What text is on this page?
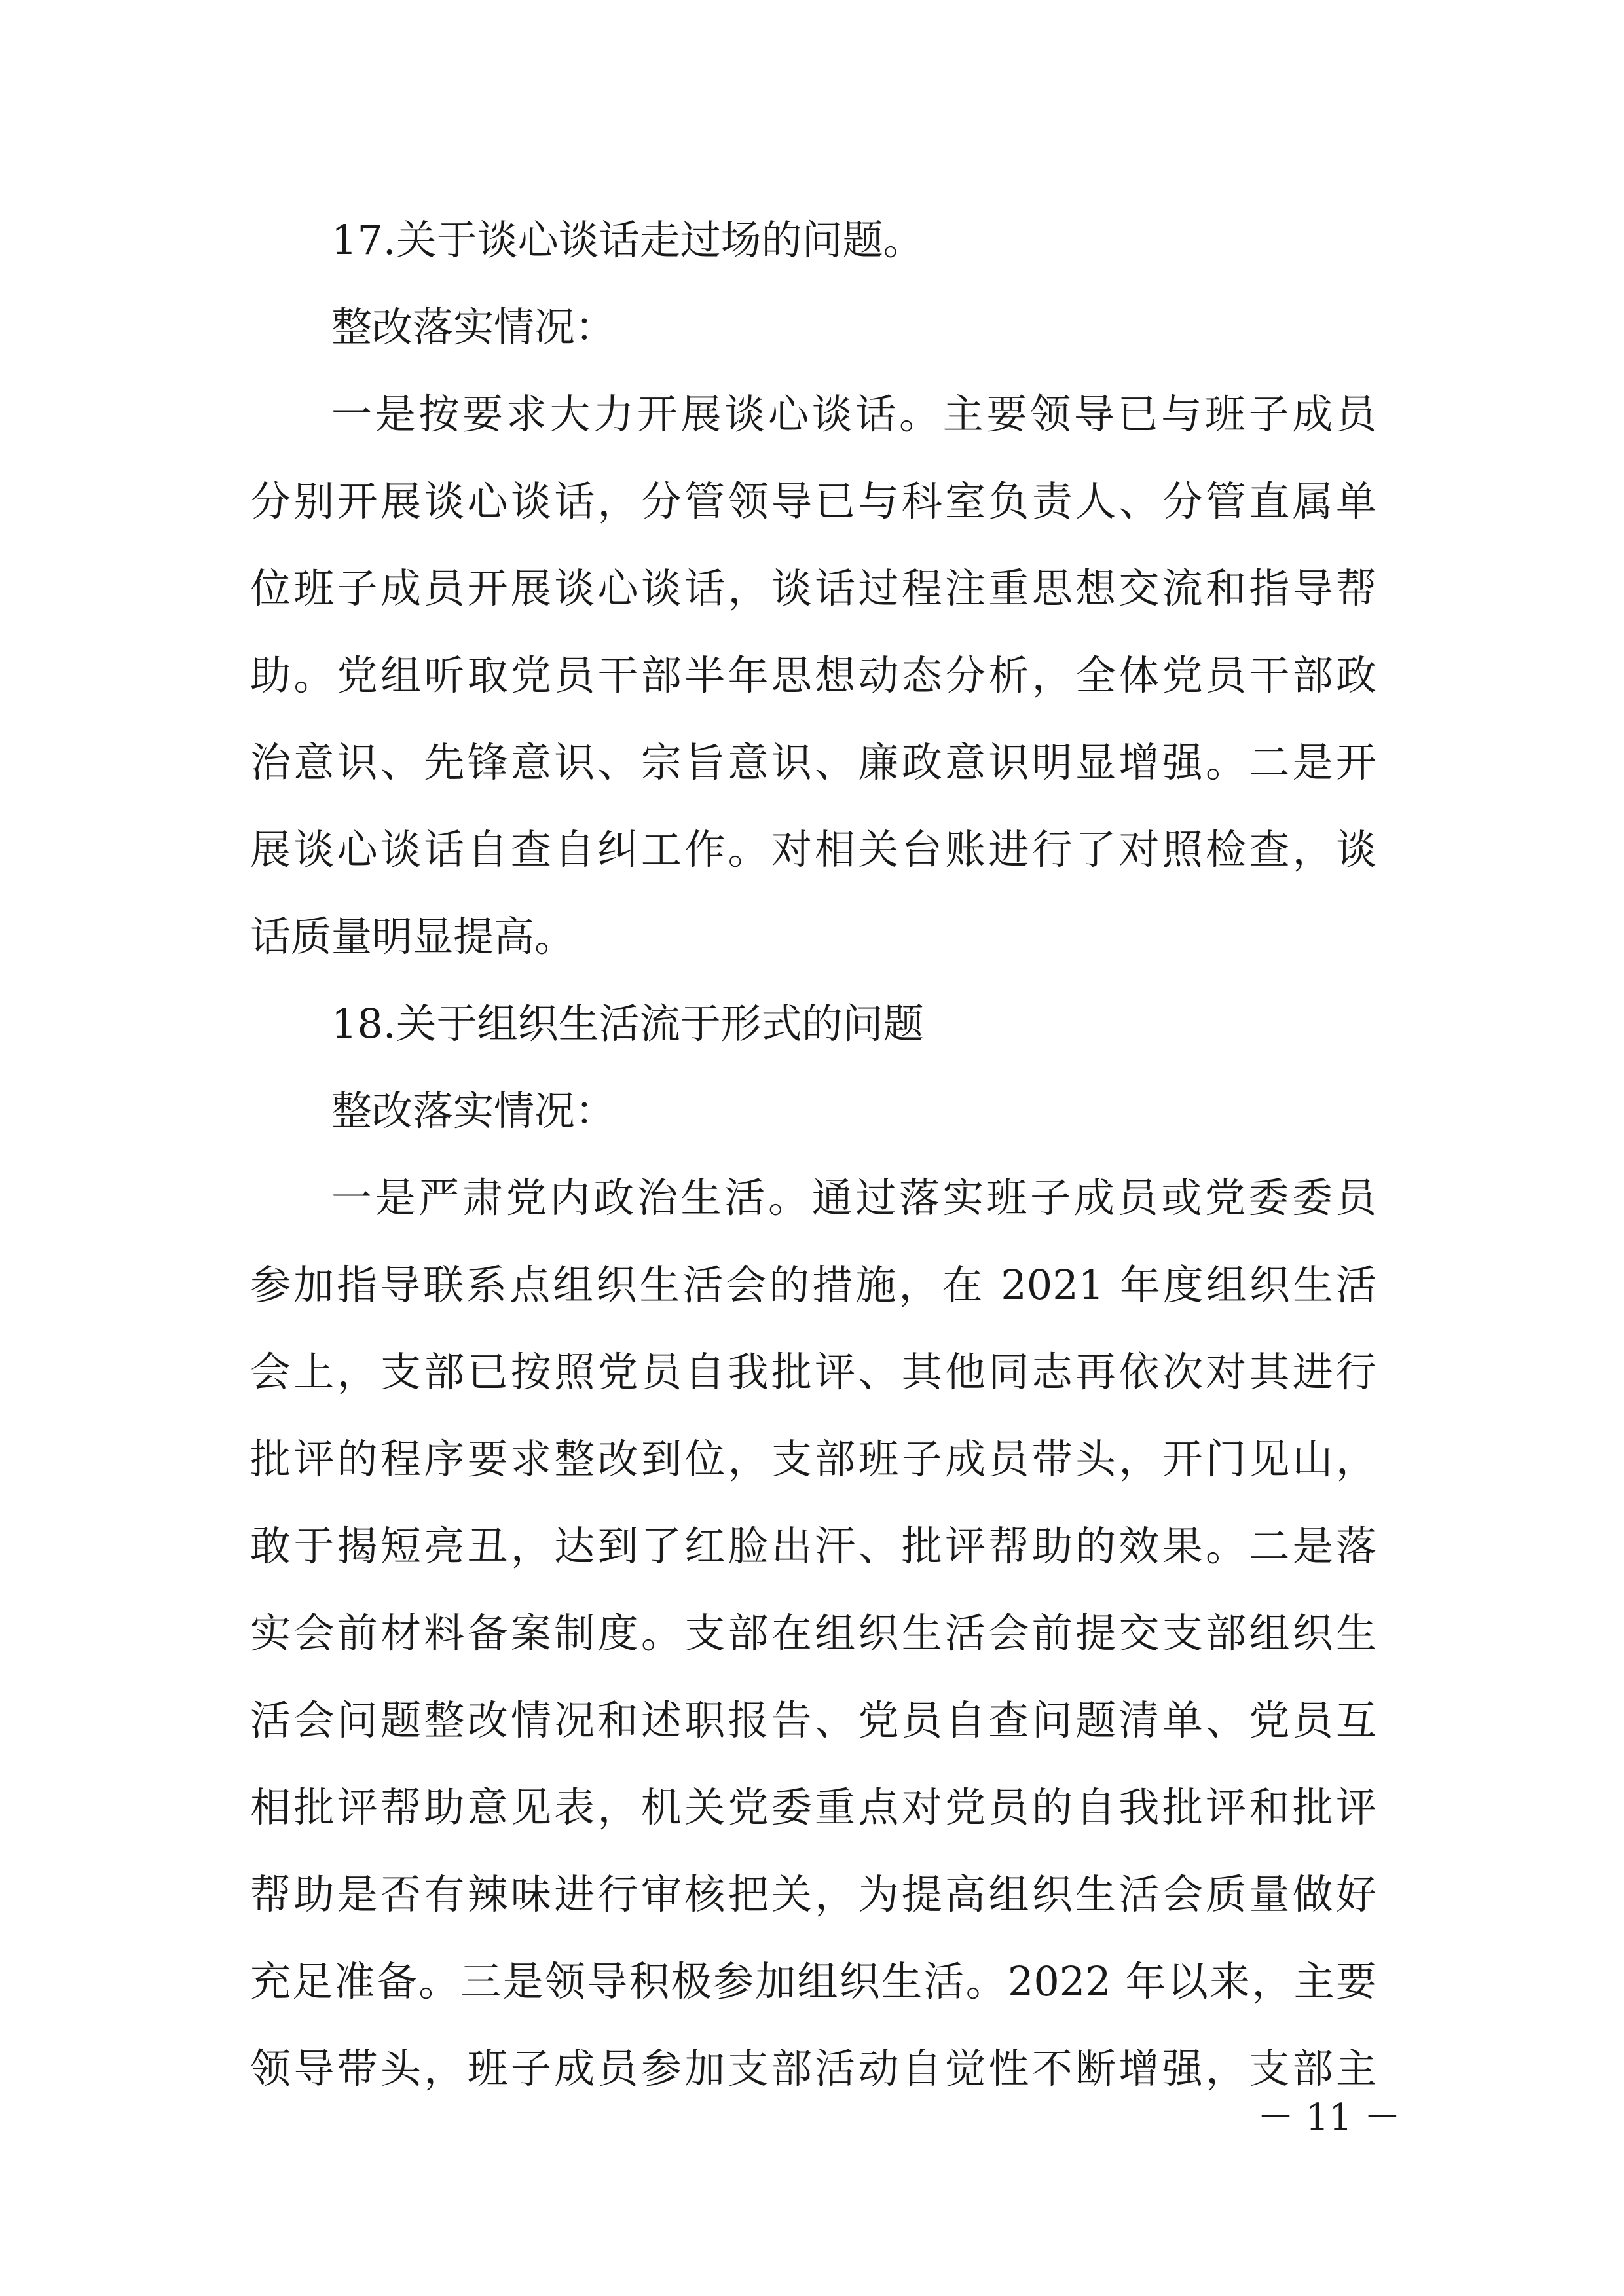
17.关于谈心谈话走过场的问题。
整改落实情况：
一是按要求大力开展谈心谈话。主要领导已与班子成员
分别开展谈心谈话，分管领导已与科室负责人、分管直属单
位班子成员开展谈心谈话，谈话过程注重思想交流和指导帮
助。党组听取党员干部半年思想动态分析，全体党员干部政
治意识、先锋意识、宗旨意识、廉政意识明显增强。二是开
展谈心谈话自查自纠工作。对相关台账进行了对照检查，谈
话质量明显提高。
18.关于组织生活流于形式的问题
整改落实情况：
一是严肃党内政治生活。通过落实班子成员或党委委员
参加指导联系点组织生活会的措施，在 2021 年度组织生活
会上，支部已按照党员自我批评、其他同志再依次对其进行
批评的程序要求整改到位，支部班子成员带头，开门见山，
敢于揭短亮丑，达到了红脸出汗、批评帮助的效果。二是落
实会前材料备案制度。支部在组织生活会前提交支部组织生
活会问题整改情况和述职报告、党员自查问题清单、党员互
相批评帮助意见表，机关党委重点对党员的自我批评和批评
帮助是否有辣味进行审核把关，为提高组织生活会质量做好
充足准备。三是领导积极参加组织生活。2022 年以来，主要
领导带头，班子成员参加支部活动自觉性不断增强，支部主
－ 11 －
